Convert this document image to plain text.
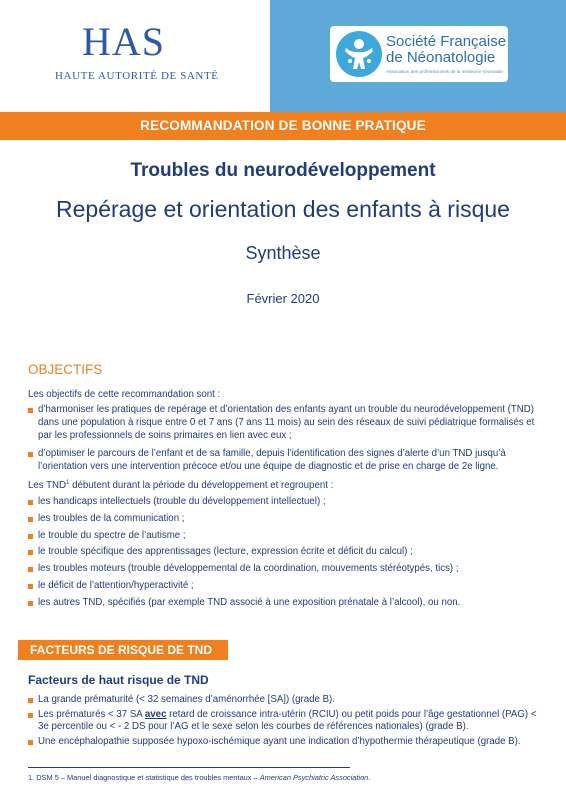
HAS
HAUTE AUTORITÉ DE SANTÉ
Société Française
de Néonatologie
Association des professionnels de la médecine néonatale
RECOMMANDATION DE BONNE PRATIQUE
Troubles du neurodéveloppement
Repérage et orientation des enfants à risque
Synthèse
Février 2020
OBJECTIFS
Les objectifs de cette recommandation sont :
d’harmoniser les pratiques de repérage et d’orientation des enfants ayant un trouble du neurodéveloppement (TND) dans une population à risque entre 0 et 7 ans (7 ans 11 mois) au sein des réseaux de suivi pédiatrique formalisés et par les professionnels de soins primaires en lien avec eux ;
d’optimiser le parcours de l’enfant et de sa famille, depuis l’identification des signes d’alerte d’un TND jusqu’à l’orientation vers une intervention précoce et/ou une équipe de diagnostic et de prise en charge de 2e ligne.
Les TND$^1$ débutent durant la période du développement et regroupent :
les handicaps intellectuels (trouble du développement intellectuel) ;
les troubles de la communication ;
le trouble du spectre de l’autisme ;
le trouble spécifique des apprentissages (lecture, expression écrite et déficit du calcul) ;
les troubles moteurs (trouble développemental de la coordination, mouvements stéréotypés, tics) ;
le déficit de l’attention/hyperactivité ;
les autres TND, spécifiés (par exemple TND associé à une exposition prénatale à l’alcool), ou non.
FACTEURS DE RISQUE DE TND
Facteurs de haut risque de TND
La grande prématurité (< 32 semaines d’aménorrhée [SA]) (grade B).
Les prématurés < 37 SA avec retard de croissance intra-utérin (RCIU) ou petit poids pour l’âge gestationnel (PAG) < 3e percentile ou < - 2 DS pour l’AG et le sexe selon les courbes de références nationales) (grade B).
Une encéphalopathie supposée hypoxo-ischémique ayant une indication d’hypothermie thérapeutique (grade B).
1. DSM 5 – Manuel diagnostique et statistique des troubles mentaux – American Psychiatric Association.
